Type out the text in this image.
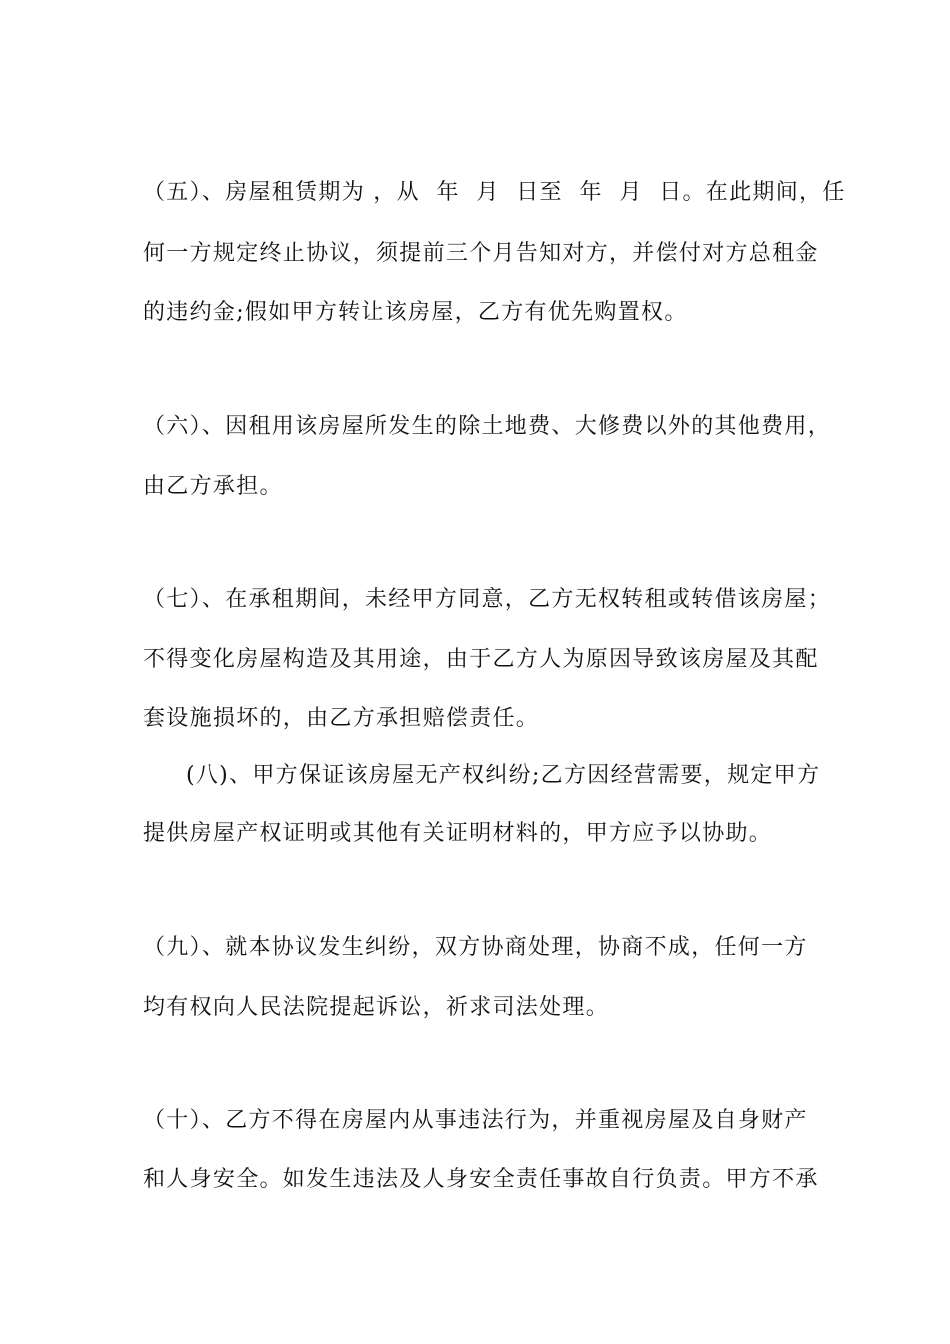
（五）、房屋租赁期为 ，从  年  月  日至  年  月  日。在此期间，任
何一方规定终止协议，须提前三个月告知对方，并偿付对方总租金
的违约金;假如甲方转让该房屋，乙方有优先购置权。
（六）、因租用该房屋所发生的除土地费、大修费以外的其他费用，
由乙方承担。
（七）、在承租期间，未经甲方同意，乙方无权转租或转借该房屋；
不得变化房屋构造及其用途，由于乙方人为原因导致该房屋及其配
套设施损坏的，由乙方承担赔偿责任。
(八)、甲方保证该房屋无产权纠纷;乙方因经营需要，规定甲方
提供房屋产权证明或其他有关证明材料的，甲方应予以协助。
（九）、就本协议发生纠纷，双方协商处理，协商不成，任何一方
均有权向人民法院提起诉讼，祈求司法处理。
（十）、乙方不得在房屋内从事违法行为，并重视房屋及自身财产
和人身安全。如发生违法及人身安全责任事故自行负责。甲方不承
